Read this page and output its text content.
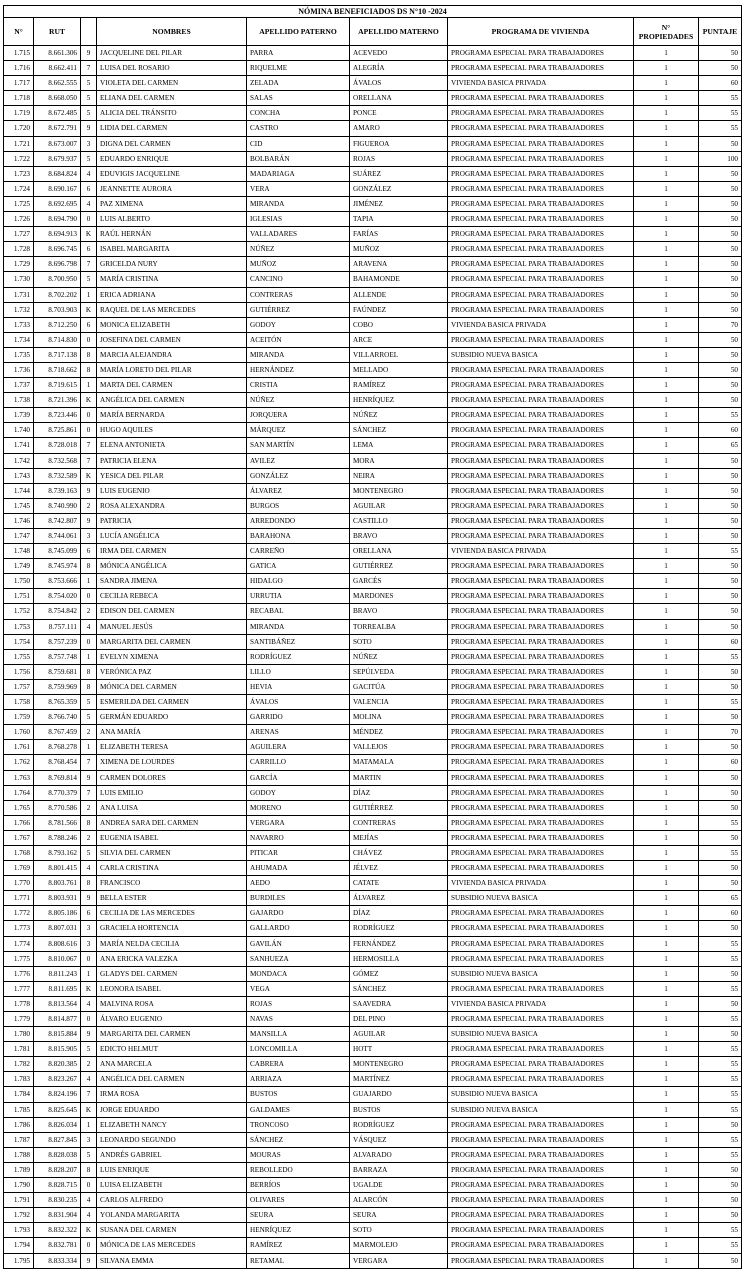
NÓMINA BENEFICIADOS DS N°10 -2024								
N°	RUT		NOMBRES	APELLIDO PATERNO	APELLIDO MATERNO	PROGRAMA DE VIVIENDA	N° PROPIEDADES	PUNTAJE
1.715	8.661.306	9	JACQUELINE DEL PILAR	PARRA	ACEVEDO	PROGRAMA ESPECIAL PARA TRABAJADORES	1	50
1.716	8.662.411	7	LUISA DEL ROSARIO	RIQUELME	ALEGRÍA	PROGRAMA ESPECIAL PARA TRABAJADORES	1	50
1.717	8.662.555	5	VIOLETA DEL CARMEN	ZELADA	ÁVALOS	VIVIENDA BASICA PRIVADA	1	60
1.718	8.668.050	5	ELIANA DEL CARMEN	SALAS	ORELLANA	PROGRAMA ESPECIAL PARA TRABAJADORES	1	55
1.719	8.672.485	5	ALICIA DEL TRÁNSITO	CONCHA	PONCE	PROGRAMA ESPECIAL PARA TRABAJADORES	1	55
1.720	8.672.791	9	LIDIA DEL CARMEN	CASTRO	AMARO	PROGRAMA ESPECIAL PARA TRABAJADORES	1	55
1.721	8.673.007	3	DIGNA DEL CARMEN	CID	FIGUEROA	PROGRAMA ESPECIAL PARA TRABAJADORES	1	50
1.722	8.679.937	5	EDUARDO ENRIQUE	BOLBARÁN	ROJAS	PROGRAMA ESPECIAL PARA TRABAJADORES	1	100
1.723	8.684.824	4	EDUVIGIS JACQUELINE	MADARIAGA	SUÁREZ	PROGRAMA ESPECIAL PARA TRABAJADORES	1	50
1.724	8.690.167	6	JEANNETTE AURORA	VERA	GONZÁLEZ	PROGRAMA ESPECIAL PARA TRABAJADORES	1	50
1.725	8.692.695	4	PAZ XIMENA	MIRANDA	JIMÉNEZ	PROGRAMA ESPECIAL PARA TRABAJADORES	1	50
1.726	8.694.790	0	LUIS ALBERTO	IGLESIAS	TAPIA	PROGRAMA ESPECIAL PARA TRABAJADORES	1	50
1.727	8.694.913	K	RAÚL HERNÁN	VALLADARES	FARÍAS	PROGRAMA ESPECIAL PARA TRABAJADORES	1	50
1.728	8.696.745	6	ISABEL MARGARITA	NÚÑEZ	MUÑOZ	PROGRAMA ESPECIAL PARA TRABAJADORES	1	50
1.729	8.696.798	7	GRICELDA NURY	MUÑOZ	ARAVENA	PROGRAMA ESPECIAL PARA TRABAJADORES	1	50
1.730	8.700.950	5	MARÍA CRISTINA	CANCINO	BAHAMONDE	PROGRAMA ESPECIAL PARA TRABAJADORES	1	50
1.731	8.702.202	1	ERICA ADRIANA	CONTRERAS	ALLENDE	PROGRAMA ESPECIAL PARA TRABAJADORES	1	50
1.732	8.703.903	K	RAQUEL DE LAS MERCEDES	GUTIÉRREZ	FAÚNDEZ	PROGRAMA ESPECIAL PARA TRABAJADORES	1	50
1.733	8.712.250	6	MONICA ELIZABETH	GODOY	COBO	VIVIENDA BASICA PRIVADA	1	70
1.734	8.714.830	0	JOSEFINA DEL CARMEN	ACEITÓN	ARCE	PROGRAMA ESPECIAL PARA TRABAJADORES	1	50
1.735	8.717.138	8	MARCIA ALEJANDRA	MIRANDA	VILLARROEL	SUBSIDIO NUEVA BASICA	1	50
1.736	8.718.662	8	MARÍA LORETO DEL PILAR	HERNÁNDEZ	MELLADO	PROGRAMA ESPECIAL PARA TRABAJADORES	1	50
1.737	8.719.615	1	MARTA DEL CARMEN	CRISTIA	RAMÍREZ	PROGRAMA ESPECIAL PARA TRABAJADORES	1	50
1.738	8.721.396	K	ANGÉLICA DEL CARMEN	NÚÑEZ	HENRÍQUEZ	PROGRAMA ESPECIAL PARA TRABAJADORES	1	50
1.739	8.723.446	0	MARÍA BERNARDA	JORQUERA	NÚÑEZ	PROGRAMA ESPECIAL PARA TRABAJADORES	1	55
1.740	8.725.861	0	HUGO AQUILES	MÁRQUEZ	SÁNCHEZ	PROGRAMA ESPECIAL PARA TRABAJADORES	1	60
1.741	8.728.018	7	ELENA ANTONIETA	SAN MARTÍN	LEMA	PROGRAMA ESPECIAL PARA TRABAJADORES	1	65
1.742	8.732.568	7	PATRICIA ELENA	AVILEZ	MORA	PROGRAMA ESPECIAL PARA TRABAJADORES	1	50
1.743	8.732.589	K	YESICA DEL PILAR	GONZÁLEZ	NEIRA	PROGRAMA ESPECIAL PARA TRABAJADORES	1	50
1.744	8.739.163	9	LUIS EUGENIO	ÁLVAREZ	MONTENEGRO	PROGRAMA ESPECIAL PARA TRABAJADORES	1	50
1.745	8.740.990	2	ROSA ALEXANDRA	BURGOS	AGUILAR	PROGRAMA ESPECIAL PARA TRABAJADORES	1	50
1.746	8.742.807	9	PATRICIA	ARREDONDO	CASTILLO	PROGRAMA ESPECIAL PARA TRABAJADORES	1	50
1.747	8.744.061	3	LUCÍA ANGÉLICA	BARAHONA	BRAVO	PROGRAMA ESPECIAL PARA TRABAJADORES	1	50
1.748	8.745.099	6	IRMA DEL CARMEN	CARREÑO	ORELLANA	VIVIENDA BASICA PRIVADA	1	55
1.749	8.745.974	8	MÓNICA ANGÉLICA	GATICA	GUTIÉRREZ	PROGRAMA ESPECIAL PARA TRABAJADORES	1	50
1.750	8.753.666	1	SANDRA JIMENA	HIDALGO	GARCÉS	PROGRAMA ESPECIAL PARA TRABAJADORES	1	50
1.751	8.754.020	0	CECILIA REBECA	URRUTIA	MARDONES	PROGRAMA ESPECIAL PARA TRABAJADORES	1	50
1.752	8.754.842	2	EDISON DEL CARMEN	RECABAL	BRAVO	PROGRAMA ESPECIAL PARA TRABAJADORES	1	50
1.753	8.757.111	4	MANUEL JESÚS	MIRANDA	TORREALBA	PROGRAMA ESPECIAL PARA TRABAJADORES	1	50
1.754	8.757.239	0	MARGARITA DEL CARMEN	SANTIBÁÑEZ	SOTO	PROGRAMA ESPECIAL PARA TRABAJADORES	1	60
1.755	8.757.748	1	EVELYN XIMENA	RODRÍGUEZ	NÚÑEZ	PROGRAMA ESPECIAL PARA TRABAJADORES	1	55
1.756	8.759.681	8	VERÓNICA PAZ	LILLO	SEPÚLVEDA	PROGRAMA ESPECIAL PARA TRABAJADORES	1	50
1.757	8.759.969	8	MÓNICA DEL CARMEN	HEVIA	GACITÚA	PROGRAMA ESPECIAL PARA TRABAJADORES	1	50
1.758	8.765.359	5	ESMERILDA DEL CARMEN	ÁVALOS	VALENCIA	PROGRAMA ESPECIAL PARA TRABAJADORES	1	55
1.759	8.766.740	5	GERMÁN EDUARDO	GARRIDO	MOLINA	PROGRAMA ESPECIAL PARA TRABAJADORES	1	50
1.760	8.767.459	2	ANA MARÍA	ARENAS	MÉNDEZ	PROGRAMA ESPECIAL PARA TRABAJADORES	1	70
1.761	8.768.278	1	ELIZABETH TERESA	AGUILERA	VALLEJOS	PROGRAMA ESPECIAL PARA TRABAJADORES	1	50
1.762	8.768.454	7	XIMENA DE LOURDES	CARRILLO	MATAMALA	PROGRAMA ESPECIAL PARA TRABAJADORES	1	60
1.763	8.769.814	9	CARMEN DOLORES	GARCÍA	MARTIN	PROGRAMA ESPECIAL PARA TRABAJADORES	1	50
1.764	8.770.379	7	LUIS EMILIO	GODOY	DÍAZ	PROGRAMA ESPECIAL PARA TRABAJADORES	1	50
1.765	8.770.586	2	ANA LUISA	MORENO	GUTIÉRREZ	PROGRAMA ESPECIAL PARA TRABAJADORES	1	50
1.766	8.781.566	8	ANDREA SARA DEL CARMEN	VERGARA	CONTRERAS	PROGRAMA ESPECIAL PARA TRABAJADORES	1	55
1.767	8.788.246	2	EUGENIA ISABEL	NAVARRO	MEJÍAS	PROGRAMA ESPECIAL PARA TRABAJADORES	1	50
1.768	8.793.162	5	SILVIA DEL CARMEN	PITICAR	CHÁVEZ	PROGRAMA ESPECIAL PARA TRABAJADORES	1	55
1.769	8.801.415	4	CARLA CRISTINA	AHUMADA	JÉLVEZ	PROGRAMA ESPECIAL PARA TRABAJADORES	1	50
1.770	8.803.761	8	FRANCISCO	AEDO	CATATE	VIVIENDA BASICA PRIVADA	1	50
1.771	8.803.931	9	BELLA ESTER	BURDILES	ÁLVAREZ	SUBSIDIO NUEVA BASICA	1	65
1.772	8.805.186	6	CECILIA DE LAS MERCEDES	GAJARDO	DÍAZ	PROGRAMA ESPECIAL PARA TRABAJADORES	1	60
1.773	8.807.031	3	GRACIELA HORTENCIA	GALLARDO	RODRÍGUEZ	PROGRAMA ESPECIAL PARA TRABAJADORES	1	50
1.774	8.808.616	3	MARÍA NELDA CECILIA	GAVILÁN	FERNÁNDEZ	PROGRAMA ESPECIAL PARA TRABAJADORES	1	55
1.775	8.810.067	0	ANA ERICKA VALEZKA	SANHUEZA	HERMOSILLA	PROGRAMA ESPECIAL PARA TRABAJADORES	1	55
1.776	8.811.243	1	GLADYS DEL CARMEN	MONDACA	GÓMEZ	SUBSIDIO NUEVA BASICA	1	50
1.777	8.811.695	K	LEONORA ISABEL	VEGA	SÁNCHEZ	PROGRAMA ESPECIAL PARA TRABAJADORES	1	55
1.778	8.813.564	4	MALVINA ROSA	ROJAS	SAAVEDRA	VIVIENDA BASICA PRIVADA	1	50
1.779	8.814.877	0	ÁLVARO EUGENIO	NAVAS	DEL PINO	PROGRAMA ESPECIAL PARA TRABAJADORES	1	55
1.780	8.815.884	9	MARGARITA DEL CARMEN	MANSILLA	AGUILAR	SUBSIDIO NUEVA BASICA	1	50
1.781	8.815.905	5	EDICTO HELMUT	LONCOMILLA	HOTT	PROGRAMA ESPECIAL PARA TRABAJADORES	1	55
1.782	8.820.385	2	ANA MARCELA	CABRERA	MONTENEGRO	PROGRAMA ESPECIAL PARA TRABAJADORES	1	55
1.783	8.823.267	4	ANGÉLICA DEL CARMEN	ARRIAZA	MARTÍNEZ	PROGRAMA ESPECIAL PARA TRABAJADORES	1	55
1.784	8.824.196	7	IRMA ROSA	BUSTOS	GUAJARDO	SUBSIDIO NUEVA BASICA	1	55
1.785	8.825.645	K	JORGE EDUARDO	GALDAMES	BUSTOS	SUBSIDIO NUEVA BASICA	1	55
1.786	8.826.034	1	ELIZABETH NANCY	TRONCOSO	RODRÍGUEZ	PROGRAMA ESPECIAL PARA TRABAJADORES	1	50
1.787	8.827.845	3	LEONARDO SEGUNDO	SÁNCHEZ	VÁSQUEZ	PROGRAMA ESPECIAL PARA TRABAJADORES	1	55
1.788	8.828.038	5	ANDRÉS GABRIEL	MOURAS	ALVARADO	PROGRAMA ESPECIAL PARA TRABAJADORES	1	55
1.789	8.828.207	8	LUIS ENRIQUE	REBOLLEDO	BARRAZA	PROGRAMA ESPECIAL PARA TRABAJADORES	1	50
1.790	8.828.715	0	LUISA ELIZABETH	BERRÍOS	UGALDE	PROGRAMA ESPECIAL PARA TRABAJADORES	1	50
1.791	8.830.235	4	CARLOS ALFREDO	OLIVARES	ALARCÓN	PROGRAMA ESPECIAL PARA TRABAJADORES	1	50
1.792	8.831.904	4	YOLANDA MARGARITA	SEURA	SEURA	PROGRAMA ESPECIAL PARA TRABAJADORES	1	50
1.793	8.832.322	K	SUSANA DEL CARMEN	HENRÍQUEZ	SOTO	PROGRAMA ESPECIAL PARA TRABAJADORES	1	55
1.794	8.832.781	0	MÓNICA DE LAS MERCEDES	RAMÍREZ	MARMOLEJO	PROGRAMA ESPECIAL PARA TRABAJADORES	1	55
1.795	8.833.334	9	SILVANA EMMA	RETAMAL	VERGARA	PROGRAMA ESPECIAL PARA TRABAJADORES	1	50
